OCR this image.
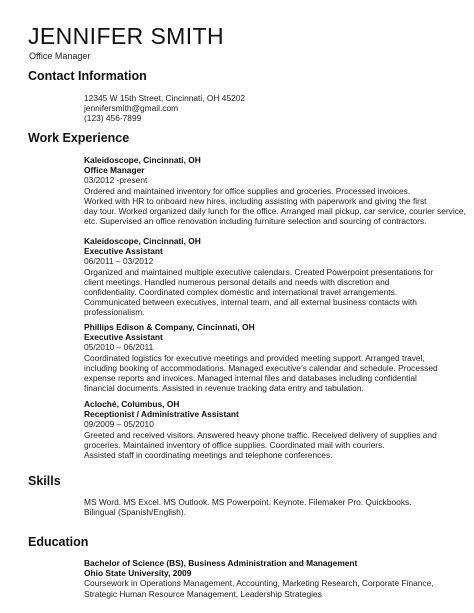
JENNIFER SMITH
Office Manager
Contact Information
12345 W 15th Street, Cincinnati, OH 45202
jennifersmith@gmail.com
(123) 456-7899
Work Experience
Kaleidoscope, Cincinnati, OH
Office Manager
03/2012 -present
Ordered and maintained inventory for office supplies and groceries. Processed invoices.
Worked with HR to onboard new hires, including assisting with paperwork and giving the first
day tour. Worked organized daily lunch for the office. Arranged mail pickup, car service, courier service,
etc. Supervised an office renovation including furniture selection and sourcing of contractors.
Kaleidoscope, Cincinnati, OH
Executive Assistant
06/2011 – 03/2012
Organized and maintained multiple executive calendars. Created Powerpoint presentations for
client meetings. Handled numerous personal details and needs with discretion and
confidentiality. Coordinated complex domestic and international travel arrangements.
Communicated between executives, internal team, and all external business contacts with
professionalism.
Phillips Edison & Company, Cincinnati, OH
Executive Assistant
05/2010 – 06/2011
Coordinated logistics for executive meetings and provided meeting support. Arranged travel,
including booking of accommodations. Managed executive’s calendar and schedule. Processed
expense reports and invoices. Managed internal files and databases including confidential
financial documents. Assisted in revenue tracking data entry and tabulation.
Acloché, Columbus, OH
Receptionist / Administrative Assistant
09/2009 – 05/2010
Greeted and received visitors. Answered heavy phone traffic. Received delivery of supplies and
groceries. Maintained inventory of office supplies. Coordinated mail with couriers.
Assisted staff in coordinating meetings and telephone conferences.
Skills
MS Word. MS Excel. MS Outlook. MS Powerpoint. Keynote. Filemaker Pro. Quickbooks.
Bilingual (Spanish/English).
Education
Bachelor of Science (BS), Business Administration and Management
Ohio State University, 2009
Coursework in Operations Management, Accounting, Marketing Research, Corporate Finance,
Strategic Human Resource Management, Leadership Strategies
